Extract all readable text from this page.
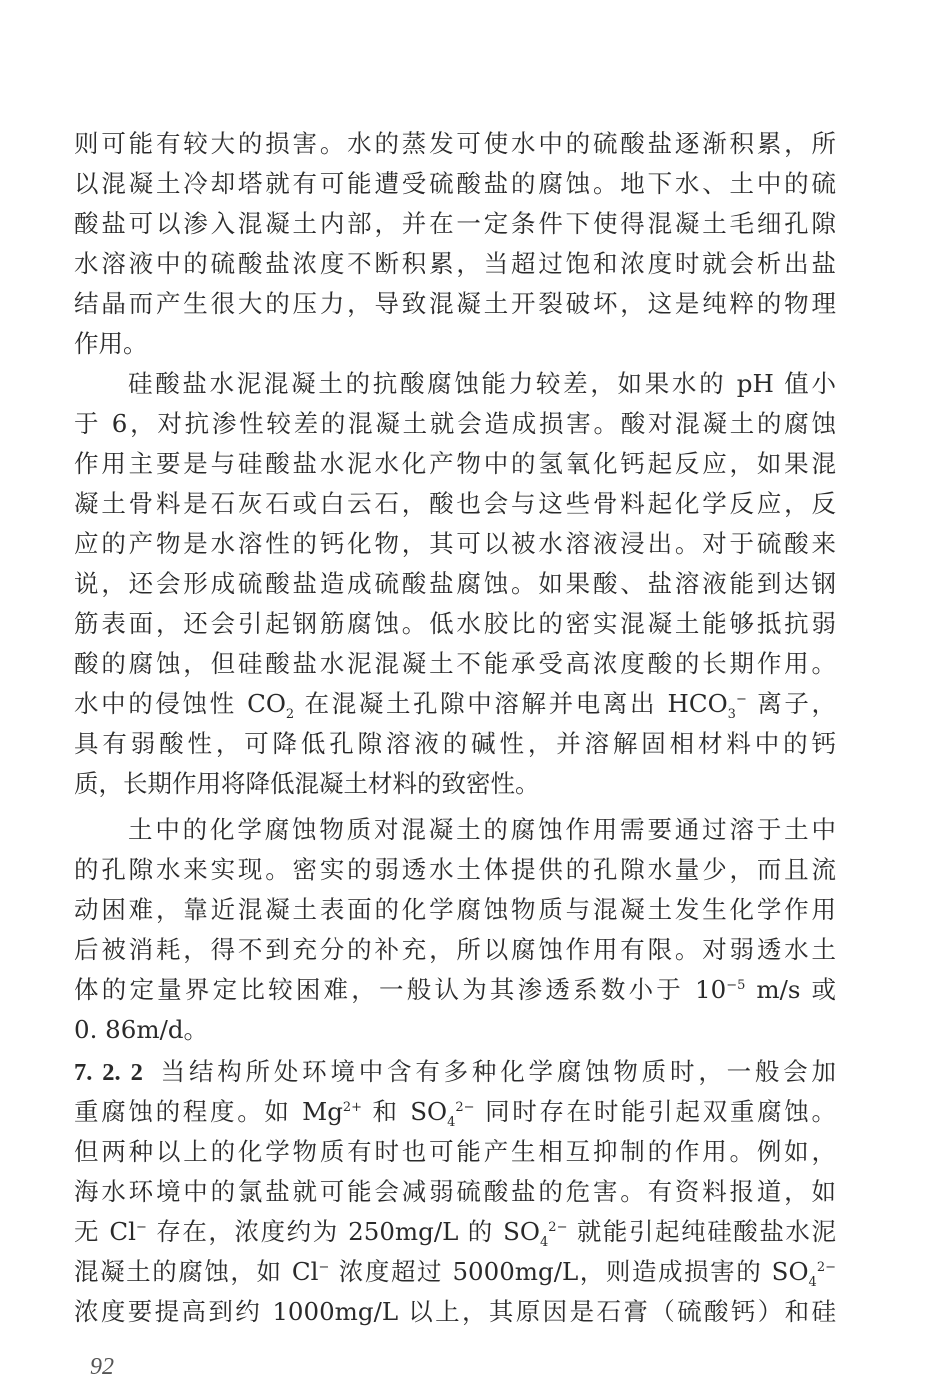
则可能有较大的损害。水的蒸发可使水中的硫酸盐逐渐积累，所
以混凝土冷却塔就有可能遭受硫酸盐的腐蚀。地下水、土中的硫
酸盐可以渗入混凝土内部，并在一定条件下使得混凝土毛细孔隙
水溶液中的硫酸盐浓度不断积累，当超过饱和浓度时就会析出盐
结晶而产生很大的压力，导致混凝土开裂破坏，这是纯粹的物理
作用。
硅酸盐水泥混凝土的抗酸腐蚀能力较差，如果水的 pH 值小
于 6，对抗渗性较差的混凝土就会造成损害。酸对混凝土的腐蚀
作用主要是与硅酸盐水泥水化产物中的氢氧化钙起反应，如果混
凝土骨料是石灰石或白云石，酸也会与这些骨料起化学反应，反
应的产物是水溶性的钙化物，其可以被水溶液浸出。对于硫酸来
说，还会形成硫酸盐造成硫酸盐腐蚀。如果酸、盐溶液能到达钢
筋表面，还会引起钢筋腐蚀。低水胶比的密实混凝土能够抵抗弱
酸的腐蚀，但硅酸盐水泥混凝土不能承受高浓度酸的长期作用。
水中的侵蚀性 $CO_2$ 在混凝土孔隙中溶解并电离出 $HCO_3^-$ 离子，
具有弱酸性，可降低孔隙溶液的碱性，并溶解固相材料中的钙
质，长期作用将降低混凝土材料的致密性。
土中的化学腐蚀物质对混凝土的腐蚀作用需要通过溶于土中
的孔隙水来实现。密实的弱透水土体提供的孔隙水量少，而且流
动困难，靠近混凝土表面的化学腐蚀物质与混凝土发生化学作用
后被消耗，得不到充分的补充，所以腐蚀作用有限。对弱透水土
体的定量界定比较困难，一般认为其渗透系数小于 $10^{-5}$ m/s 或
0. 86m/d。
7. 2. 2 当结构所处环境中含有多种化学腐蚀物质时，一般会加
重腐蚀的程度。如 $Mg^{2+}$ 和 $SO_4^{2-}$ 同时存在时能引起双重腐蚀。
但两种以上的化学物质有时也可能产生相互抑制的作用。例如，
海水环境中的氯盐就可能会减弱硫酸盐的危害。有资料报道，如
无 Cl− 存在，浓度约为 250mg/L 的 $SO_4^{2-}$ 就能引起纯硅酸盐水泥
混凝土的腐蚀，如 Cl− 浓度超过 5000mg/L，则造成损害的 $SO_4^{2-}$
浓度要提高到约 1000mg/L 以上，其原因是石膏（硫酸钙）和硅
92
